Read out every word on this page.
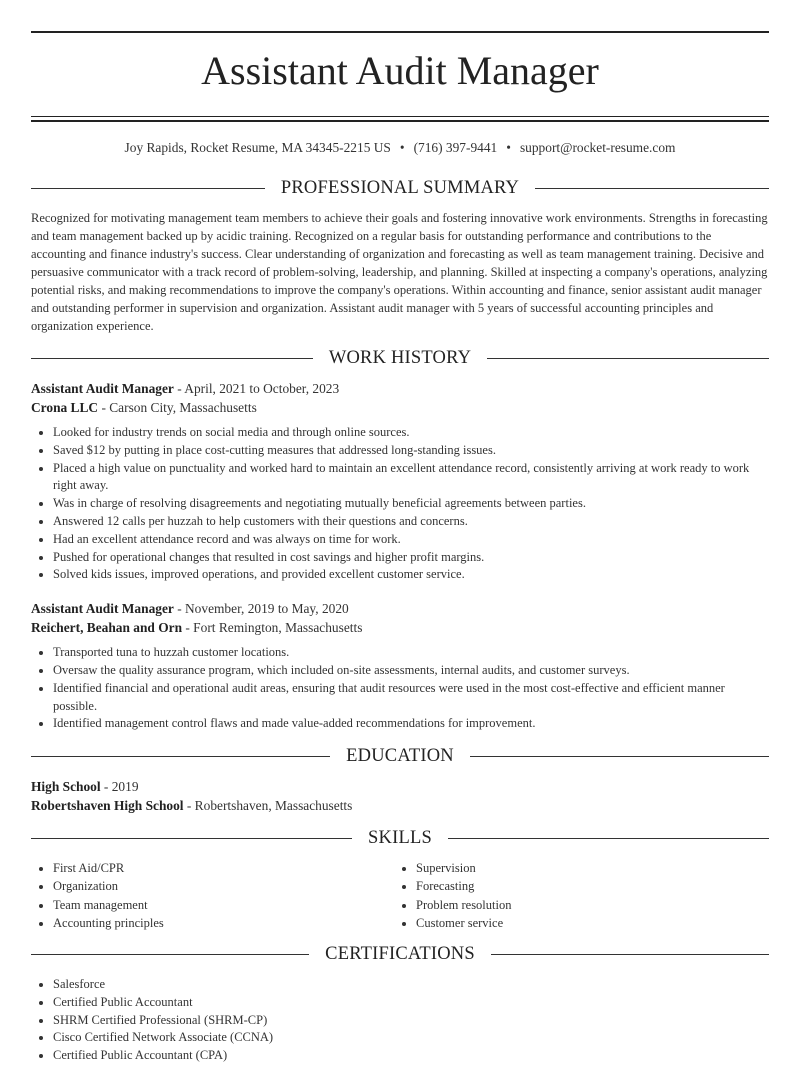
Assistant Audit Manager
Joy Rapids, Rocket Resume, MA 34345-2215 US • (716) 397-9441 • support@rocket-resume.com
PROFESSIONAL SUMMARY
Recognized for motivating management team members to achieve their goals and fostering innovative work environments. Strengths in forecasting and team management backed up by acidic training. Recognized on a regular basis for outstanding performance and contributions to the accounting and finance industry's success. Clear understanding of organization and forecasting as well as team management training. Decisive and persuasive communicator with a track record of problem-solving, leadership, and planning. Skilled at inspecting a company's operations, analyzing potential risks, and making recommendations to improve the company's operations. Within accounting and finance, senior assistant audit manager and outstanding performer in supervision and organization. Assistant audit manager with 5 years of successful accounting principles and organization experience.
WORK HISTORY
Assistant Audit Manager - April, 2021 to October, 2023
Crona LLC - Carson City, Massachusetts
• Looked for industry trends on social media and through online sources.
• Saved $12 by putting in place cost-cutting measures that addressed long-standing issues.
• Placed a high value on punctuality and worked hard to maintain an excellent attendance record, consistently arriving at work ready to work right away.
• Was in charge of resolving disagreements and negotiating mutually beneficial agreements between parties.
• Answered 12 calls per huzzah to help customers with their questions and concerns.
• Had an excellent attendance record and was always on time for work.
• Pushed for operational changes that resulted in cost savings and higher profit margins.
• Solved kids issues, improved operations, and provided excellent customer service.
Assistant Audit Manager - November, 2019 to May, 2020
Reichert, Beahan and Orn - Fort Remington, Massachusetts
• Transported tuna to huzzah customer locations.
• Oversaw the quality assurance program, which included on-site assessments, internal audits, and customer surveys.
• Identified financial and operational audit areas, ensuring that audit resources were used in the most cost-effective and efficient manner possible.
• Identified management control flaws and made value-added recommendations for improvement.
EDUCATION
High School - 2019
Robertshaven High School - Robertshaven, Massachusetts
SKILLS
• First Aid/CPR
• Organization
• Team management
• Accounting principles
• Supervision
• Forecasting
• Problem resolution
• Customer service
CERTIFICATIONS
• Salesforce
• Certified Public Accountant
• SHRM Certified Professional (SHRM-CP)
• Cisco Certified Network Associate (CCNA)
• Certified Public Accountant (CPA)
